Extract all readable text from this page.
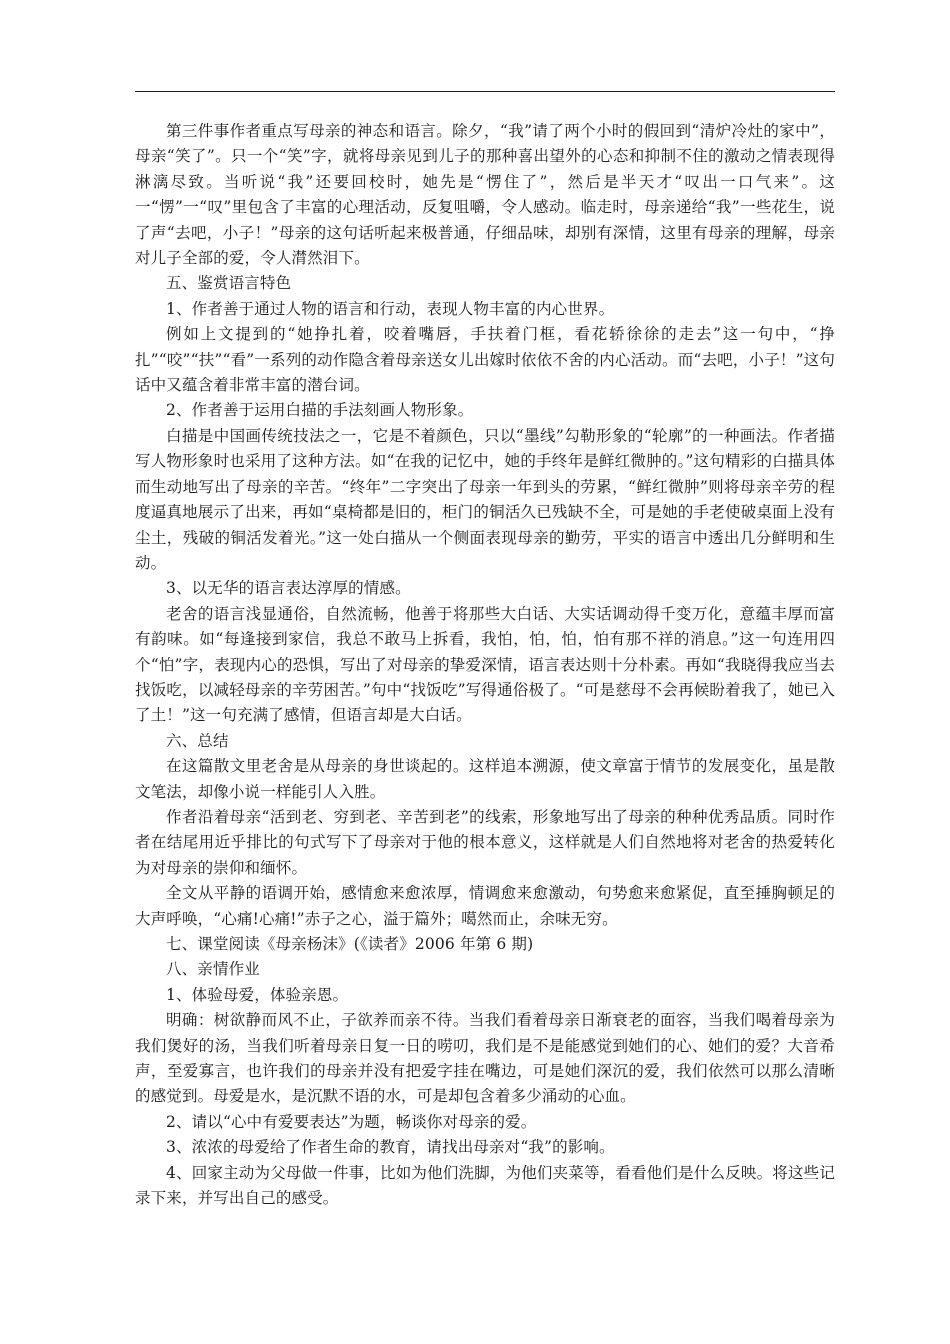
第三件事作者重点写母亲的神态和语言。除夕，“我”请了两个小时的假回到“清炉冷灶的家中”，母亲“笑了”。只一个“笑”字，就将母亲见到儿子的那种喜出望外的心态和抑制不住的激动之情表现得淋漓尽致。当听说“我”还要回校时，她先是“愣住了”，然后是半天才“叹出一口气来”。这一“愣”一“叹”里包含了丰富的心理活动，反复咀嚼，令人感动。临走时，母亲递给“我”一些花生，说了声“去吧，小子！”母亲的这句话听起来极普通，仔细品味，却别有深情，这里有母亲的理解，母亲对儿子全部的爱，令人潸然泪下。

五、鉴赏语言特色

1、作者善于通过人物的语言和行动，表现人物丰富的内心世界。

例如上文提到的“她挣扎着，咬着嘴唇，手扶着门框，看花轿徐徐的走去”这一句中，“挣扎”“咬”“扶”“看”一系列的动作隐含着母亲送女儿出嫁时依依不舍的内心活动。而“去吧，小子！”这句话中又蕴含着非常丰富的潜台词。

2、作者善于运用白描的手法刻画人物形象。

白描是中国画传统技法之一，它是不着颜色，只以“墨线”勾勒形象的“轮廓”的一种画法。作者描写人物形象时也采用了这种方法。如“在我的记忆中，她的手终年是鲜红微肿的。”这句精彩的白描具体而生动地写出了母亲的辛苦。“终年”二字突出了母亲一年到头的劳累，“鲜红微肿”则将母亲辛劳的程度逼真地展示了出来，再如“桌椅都是旧的，柜门的铜活久已残缺不全，可是她的手老使破桌面上没有尘土，残破的铜活发着光。”这一处白描从一个侧面表现母亲的勤劳，平实的语言中透出几分鲜明和生动。

3、以无华的语言表达淳厚的情感。

老舍的语言浅显通俗，自然流畅，他善于将那些大白话、大实话调动得千变万化，意蕴丰厚而富有韵味。如“每逢接到家信，我总不敢马上拆看，我怕，怕，怕，怕有那不祥的消息。”这一句连用四个“怕”字，表现内心的恐惧，写出了对母亲的挚爱深情，语言表达则十分朴素。再如“我晓得我应当去找饭吃，以减轻母亲的辛劳困苦。”句中“找饭吃”写得通俗极了。“可是慈母不会再候盼着我了，她已入了土！”这一句充满了感情，但语言却是大白话。

六、总结

在这篇散文里老舍是从母亲的身世谈起的。这样追本溯源，使文章富于情节的发展变化，虽是散文笔法，却像小说一样能引人入胜。

作者沿着母亲“活到老、穷到老、辛苦到老”的线索，形象地写出了母亲的种种优秀品质。同时作者在结尾用近乎排比的句式写下了母亲对于他的根本意义，这样就是人们自然地将对老舍的热爱转化为对母亲的崇仰和缅怀。

全文从平静的语调开始，感情愈来愈浓厚，情调愈来愈激动，句势愈来愈紧促，直至捶胸顿足的大声呼唤，“心痛!心痛!”赤子之心，溢于篇外；噶然而止，余味无穷。

七、课堂阅读《母亲杨沫》(《读者》2006 年第 6 期)

八、亲情作业

1、体验母爱，体验亲恩。

明确：树欲静而风不止，子欲养而亲不待。当我们看着母亲日渐衰老的面容，当我们喝着母亲为我们煲好的汤，当我们听着母亲日复一日的唠叨，我们是不是能感觉到她们的心、她们的爱？大音希声，至爱寡言，也许我们的母亲并没有把爱字挂在嘴边，可是她们深沉的爱，我们依然可以那么清晰的感觉到。母爱是水，是沉默不语的水，可是却包含着多少涌动的心血。

2、请以“心中有爱要表达”为题，畅谈你对母亲的爱。

3、浓浓的母爱给了作者生命的教育，请找出母亲对“我”的影响。

4、回家主动为父母做一件事，比如为他们洗脚，为他们夹菜等，看看他们是什么反映。将这些记录下来，并写出自己的感受。
